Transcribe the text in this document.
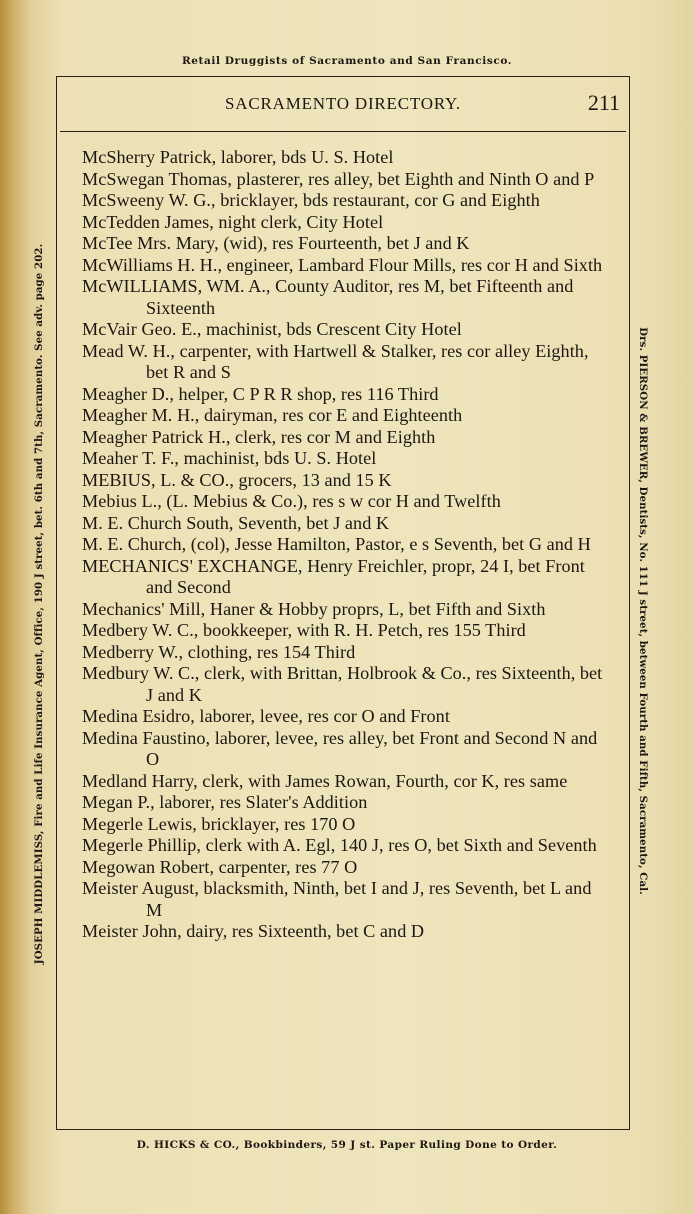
Retail Druggists of Sacramento and San Francisco.
JOSEPH MIDDLEMISS, Fire and Life Insurance Agent, Office, 190 J street, bet. 6th and 7th, Sacramento. See adv. page 202.	Drs. PIERSON & BREWER, Dentists, No. 111 J street, between Fourth and Fifth, Sacramento, Cal.
SACRAMENTO DIRECTORY.	211
McSherry Patrick, laborer, bds U. S. Hotel
McSwegan Thomas, plasterer, res alley, bet Eighth and Ninth O and P
McSweeny W. G., bricklayer, bds restaurant, cor G and Eighth
McTedden James, night clerk, City Hotel
McTee Mrs. Mary, (wid), res Fourteenth, bet J and K
McWilliams H. H., engineer, Lambard Flour Mills, res cor H and Sixth
McWILLIAMS, WM. A., County Auditor, res M, bet Fifteenth and Sixteenth
McVair Geo. E., machinist, bds Crescent City Hotel
Mead W. H., carpenter, with Hartwell & Stalker, res cor alley Eighth, bet R and S
Meagher D., helper, C P R R shop, res 116 Third
Meagher M. H., dairyman, res cor E and Eighteenth
Meagher Patrick H., clerk, res cor M and Eighth
Meaher T. F., machinist, bds U. S. Hotel
MEBIUS, L. & CO., grocers, 13 and 15 K
Mebius L., (L. Mebius & Co.), res s w cor H and Twelfth
M. E. Church South, Seventh, bet J and K
M. E. Church, (col), Jesse Hamilton, Pastor, e s Seventh, bet G and H
MECHANICS' EXCHANGE, Henry Freichler, propr, 24 I, bet Front and Second
Mechanics' Mill, Haner & Hobby proprs, L, bet Fifth and Sixth
Medbery W. C., bookkeeper, with R. H. Petch, res 155 Third
Medberry W., clothing, res 154 Third
Medbury W. C., clerk, with Brittan, Holbrook & Co., res Sixteenth, bet J and K
Medina Esidro, laborer, levee, res cor O and Front
Medina Faustino, laborer, levee, res alley, bet Front and Second N and O
Medland Harry, clerk, with James Rowan, Fourth, cor K, res same
Megan P., laborer, res Slater's Addition
Megerle Lewis, bricklayer, res 170 O
Megerle Phillip, clerk with A. Egl, 140 J, res O, bet Sixth and Seventh
Megowan Robert, carpenter, res 77 O
Meister August, blacksmith, Ninth, bet I and J, res Seventh, bet L and M
Meister John, dairy, res Sixteenth, bet C and D
D. HICKS & CO., Bookbinders, 59 J st. Paper Ruling Done to Order.
